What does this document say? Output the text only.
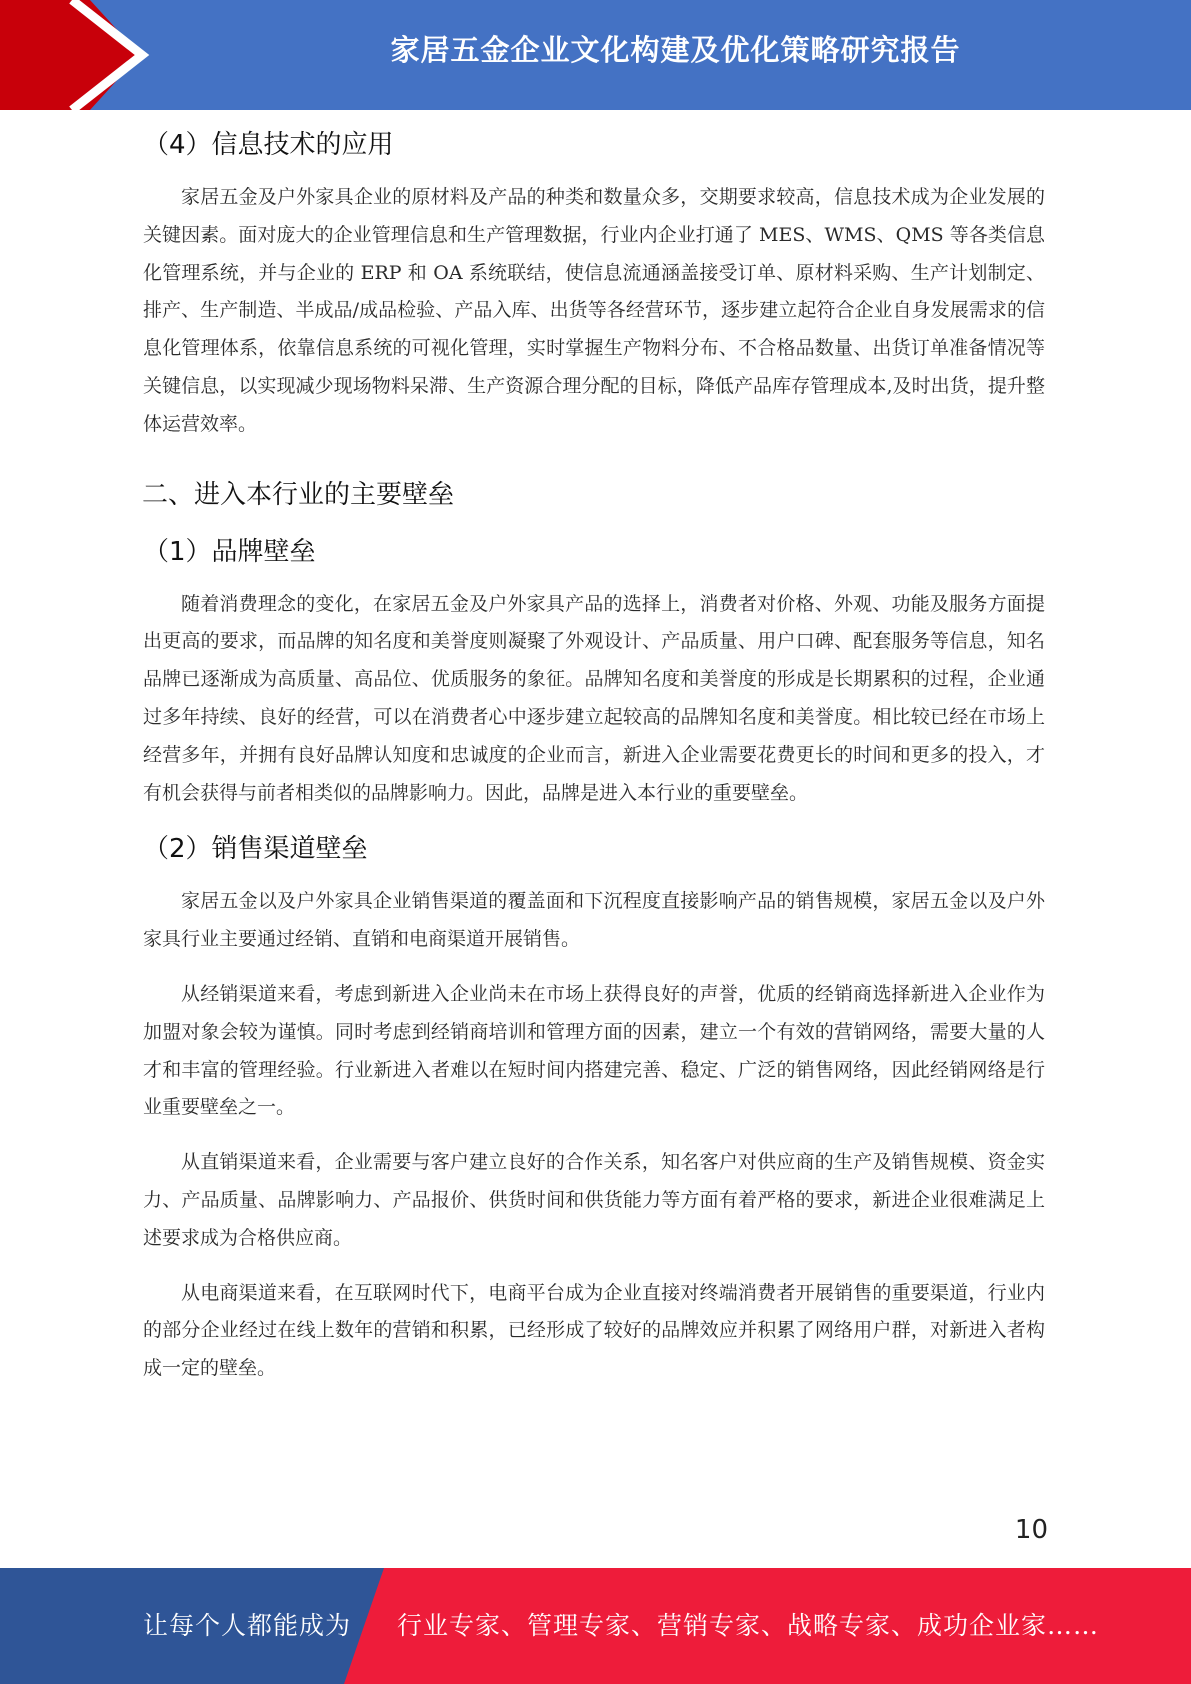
家居五金企业文化构建及优化策略研究报告
（4）信息技术的应用

家居五金及户外家具企业的原材料及产品的种类和数量众多，交期要求较高，信息技术成为企业发展的关键因素。面对庞大的企业管理信息和生产管理数据，行业内企业打通了 MES、WMS、QMS 等各类信息化管理系统，并与企业的 ERP 和 OA 系统联结，使信息流通涵盖接受订单、原材料采购、生产计划制定、排产、生产制造、半成品/成品检验、产品入库、出货等各经营环节，逐步建立起符合企业自身发展需求的信息化管理体系，依靠信息系统的可视化管理，实时掌握生产物料分布、不合格品数量、出货订单准备情况等关键信息，以实现减少现场物料呆滞、生产资源合理分配的目标，降低产品库存管理成本,及时出货，提升整体运营效率。

二、进入本行业的主要壁垒
（1）品牌壁垒

随着消费理念的变化，在家居五金及户外家具产品的选择上，消费者对价格、外观、功能及服务方面提出更高的要求，而品牌的知名度和美誉度则凝聚了外观设计、产品质量、用户口碑、配套服务等信息，知名品牌已逐渐成为高质量、高品位、优质服务的象征。品牌知名度和美誉度的形成是长期累积的过程，企业通过多年持续、良好的经营，可以在消费者心中逐步建立起较高的品牌知名度和美誉度。相比较已经在市场上经营多年，并拥有良好品牌认知度和忠诚度的企业而言，新进入企业需要花费更长的时间和更多的投入，才有机会获得与前者相类似的品牌影响力。因此，品牌是进入本行业的重要壁垒。

（2）销售渠道壁垒

家居五金以及户外家具企业销售渠道的覆盖面和下沉程度直接影响产品的销售规模，家居五金以及户外家具行业主要通过经销、直销和电商渠道开展销售。

从经销渠道来看，考虑到新进入企业尚未在市场上获得良好的声誉，优质的经销商选择新进入企业作为加盟对象会较为谨慎。同时考虑到经销商培训和管理方面的因素，建立一个有效的营销网络，需要大量的人才和丰富的管理经验。行业新进入者难以在短时间内搭建完善、稳定、广泛的销售网络，因此经销网络是行业重要壁垒之一。

从直销渠道来看，企业需要与客户建立良好的合作关系，知名客户对供应商的生产及销售规模、资金实力、产品质量、品牌影响力、产品报价、供货时间和供货能力等方面有着严格的要求，新进企业很难满足上述要求成为合格供应商。

从电商渠道来看，在互联网时代下，电商平台成为企业直接对终端消费者开展销售的重要渠道，行业内的部分企业经过在线上数年的营销和积累，已经形成了较好的品牌效应并积累了网络用户群，对新进入者构成一定的壁垒。

10
让每个人都能成为 行业专家、管理专家、营销专家、战略专家、成功企业家……
